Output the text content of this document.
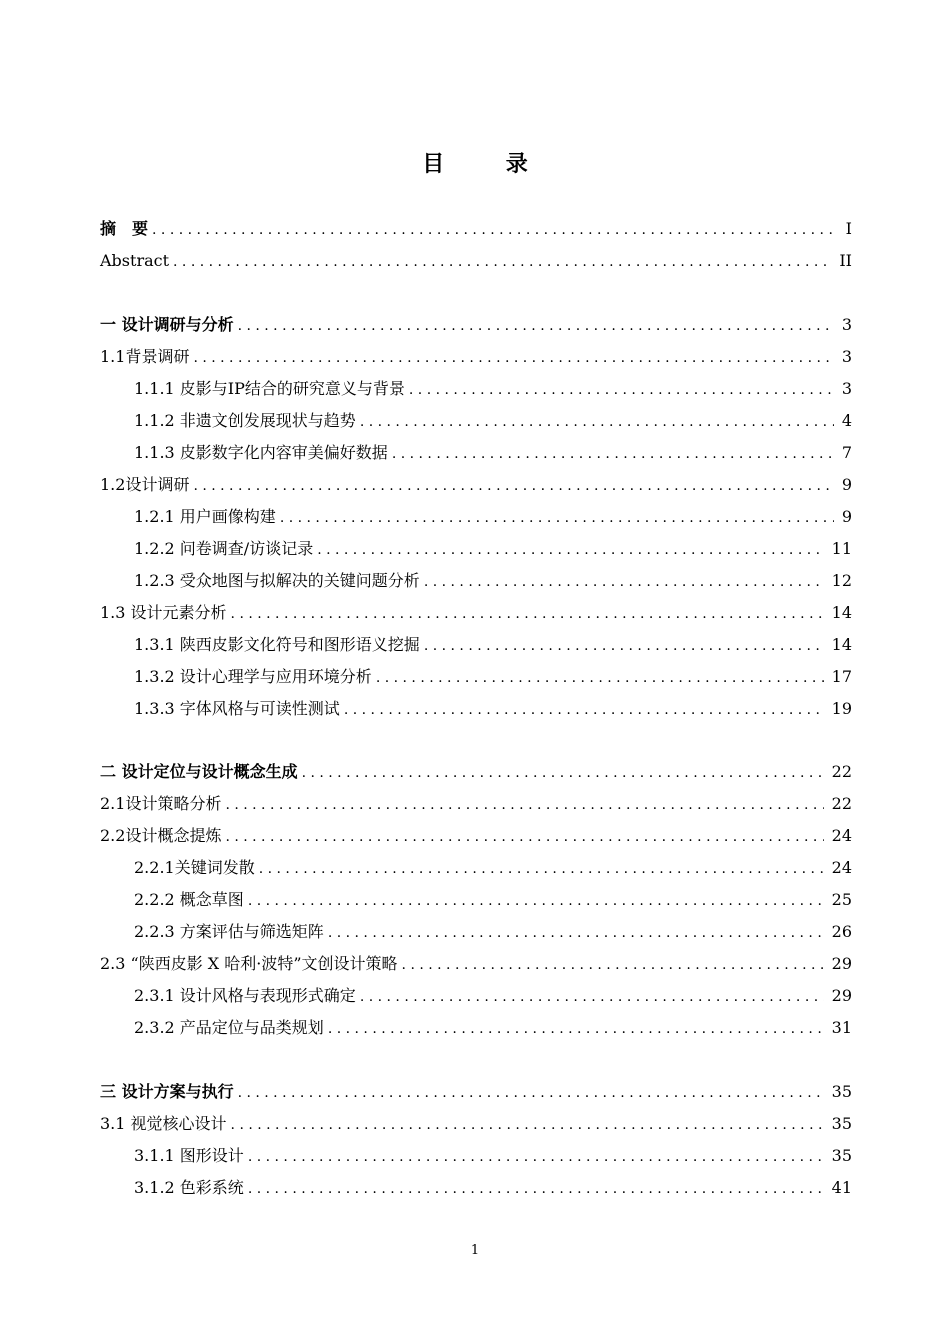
目　录
摘　要 . . .	I
Abstract . . .	II
一 设计调研与分析 . . .	3
1.1背景调研 . . .	3
1.1.1 皮影与IP结合的研究意义与背景 . . .	3
1.1.2 非遗文创发展现状与趋势 . . .	4
1.1.3 皮影数字化内容审美偏好数据 . . .	7
1.2设计调研 . . .	9
1.2.1 用户画像构建 . . .	9
1.2.2 问卷调查/访谈记录 . . .	11
1.2.3 受众地图与拟解决的关键问题分析 . . .	12
1.3 设计元素分析 . . .	14
1.3.1 陕西皮影文化符号和图形语义挖掘 . . .	14
1.3.2 设计心理学与应用环境分析 . . .	17
1.3.3 字体风格与可读性测试 . . .	19
二 设计定位与设计概念生成 . . .	22
2.1设计策略分析 . . .	22
2.2设计概念提炼 . . .	24
2.2.1关键词发散 . . .	24
2.2.2 概念草图 . . .	25
2.2.3 方案评估与筛选矩阵 . . .	26
2.3 “陕西皮影 X 哈利·波特”文创设计策略 . . .	29
2.3.1 设计风格与表现形式确定 . . .	29
2.3.2 产品定位与品类规划 . . .	31
三 设计方案与执行 . . .	35
3.1 视觉核心设计 . . .	35
3.1.1 图形设计 . . .	35
3.1.2 色彩系统 . . .	41
1
